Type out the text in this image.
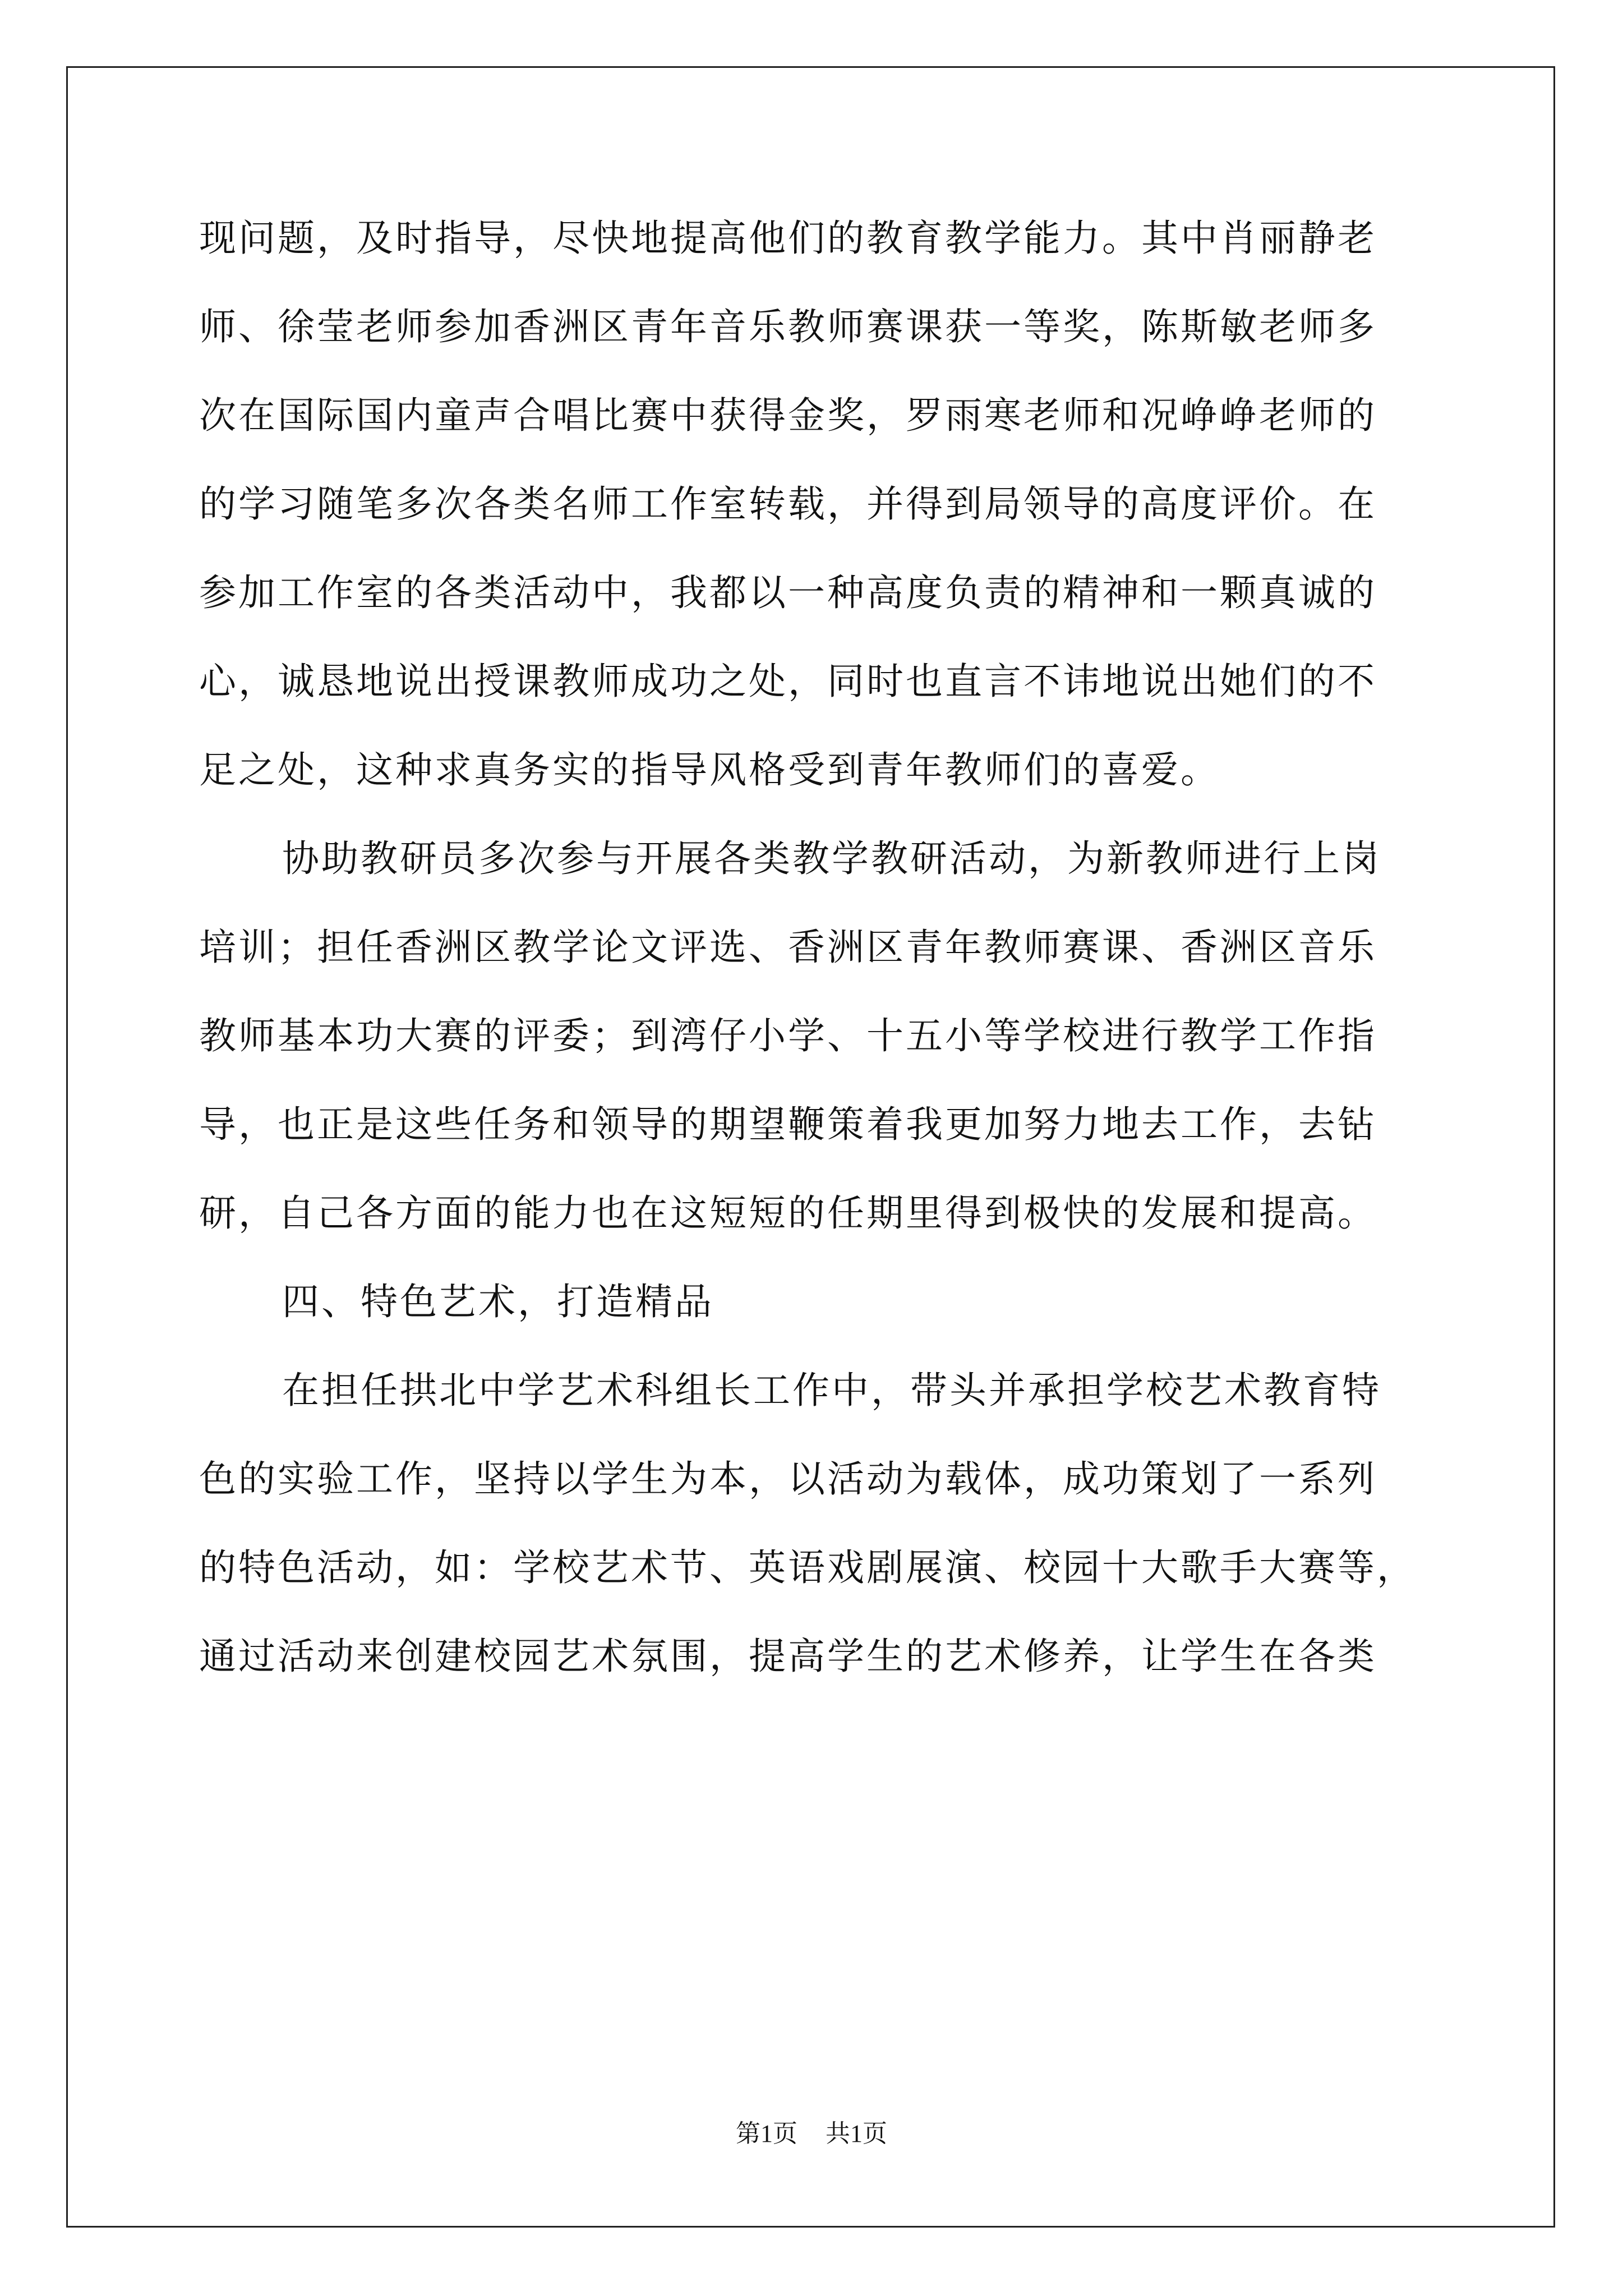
现问题，及时指导，尽快地提高他们的教育教学能力。其中肖丽静老
师、徐莹老师参加香洲区青年音乐教师赛课获一等奖，陈斯敏老师多
次在国际国内童声合唱比赛中获得金奖，罗雨寒老师和况峥峥老师的
的学习随笔多次各类名师工作室转载，并得到局领导的高度评价。在
参加工作室的各类活动中，我都以一种高度负责的精神和一颗真诚的
心，诚恳地说出授课教师成功之处，同时也直言不讳地说出她们的不
足之处，这种求真务实的指导风格受到青年教师们的喜爱。
协助教研员多次参与开展各类教学教研活动，为新教师进行上岗
培训；担任香洲区教学论文评选、香洲区青年教师赛课、香洲区音乐
教师基本功大赛的评委；到湾仔小学、十五小等学校进行教学工作指
导，也正是这些任务和领导的期望鞭策着我更加努力地去工作，去钻
研，自己各方面的能力也在这短短的任期里得到极快的发展和提高。
四、特色艺术，打造精品
在担任拱北中学艺术科组长工作中，带头并承担学校艺术教育特
色的实验工作，坚持以学生为本，以活动为载体，成功策划了一系列
的特色活动，如：学校艺术节、英语戏剧展演、校园十大歌手大赛等，
通过活动来创建校园艺术氛围，提高学生的艺术修养，让学生在各类
第1页 共1页
